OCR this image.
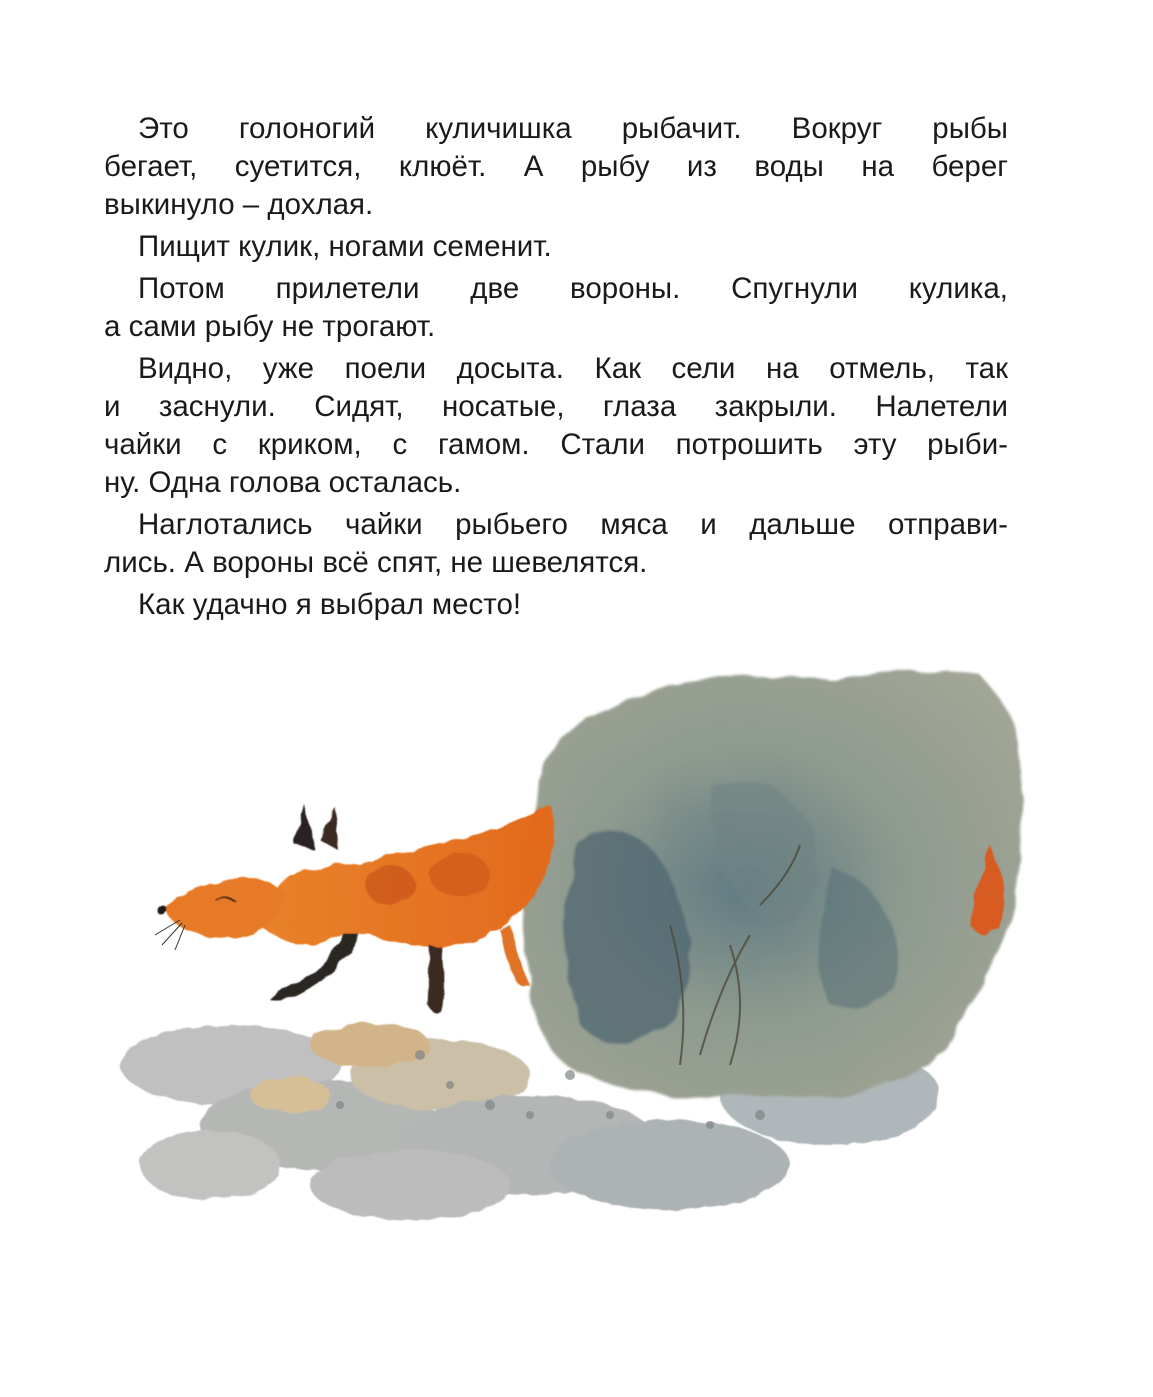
Это голоногий куличишка рыбачит. Вокруг рыбы
бегает, суетится, клюёт. А рыбу из воды на берег
выкинуло – дохлая.

Пищит кулик, ногами семенит.

Потом прилетели две вороны. Спугнули кулика,
а сами рыбу не трогают.

Видно, уже поели досыта. Как сели на отмель, так
и заснули. Сидят, носатые, глаза закрыли. Налетели
чайки с криком, с гамом. Стали потрошить эту рыби-
ну. Одна голова осталась.

Наглотались чайки рыбьего мяса и дальше отправи-
лись. А вороны всё спят, не шевелятся.

Как удачно я выбрал место!
